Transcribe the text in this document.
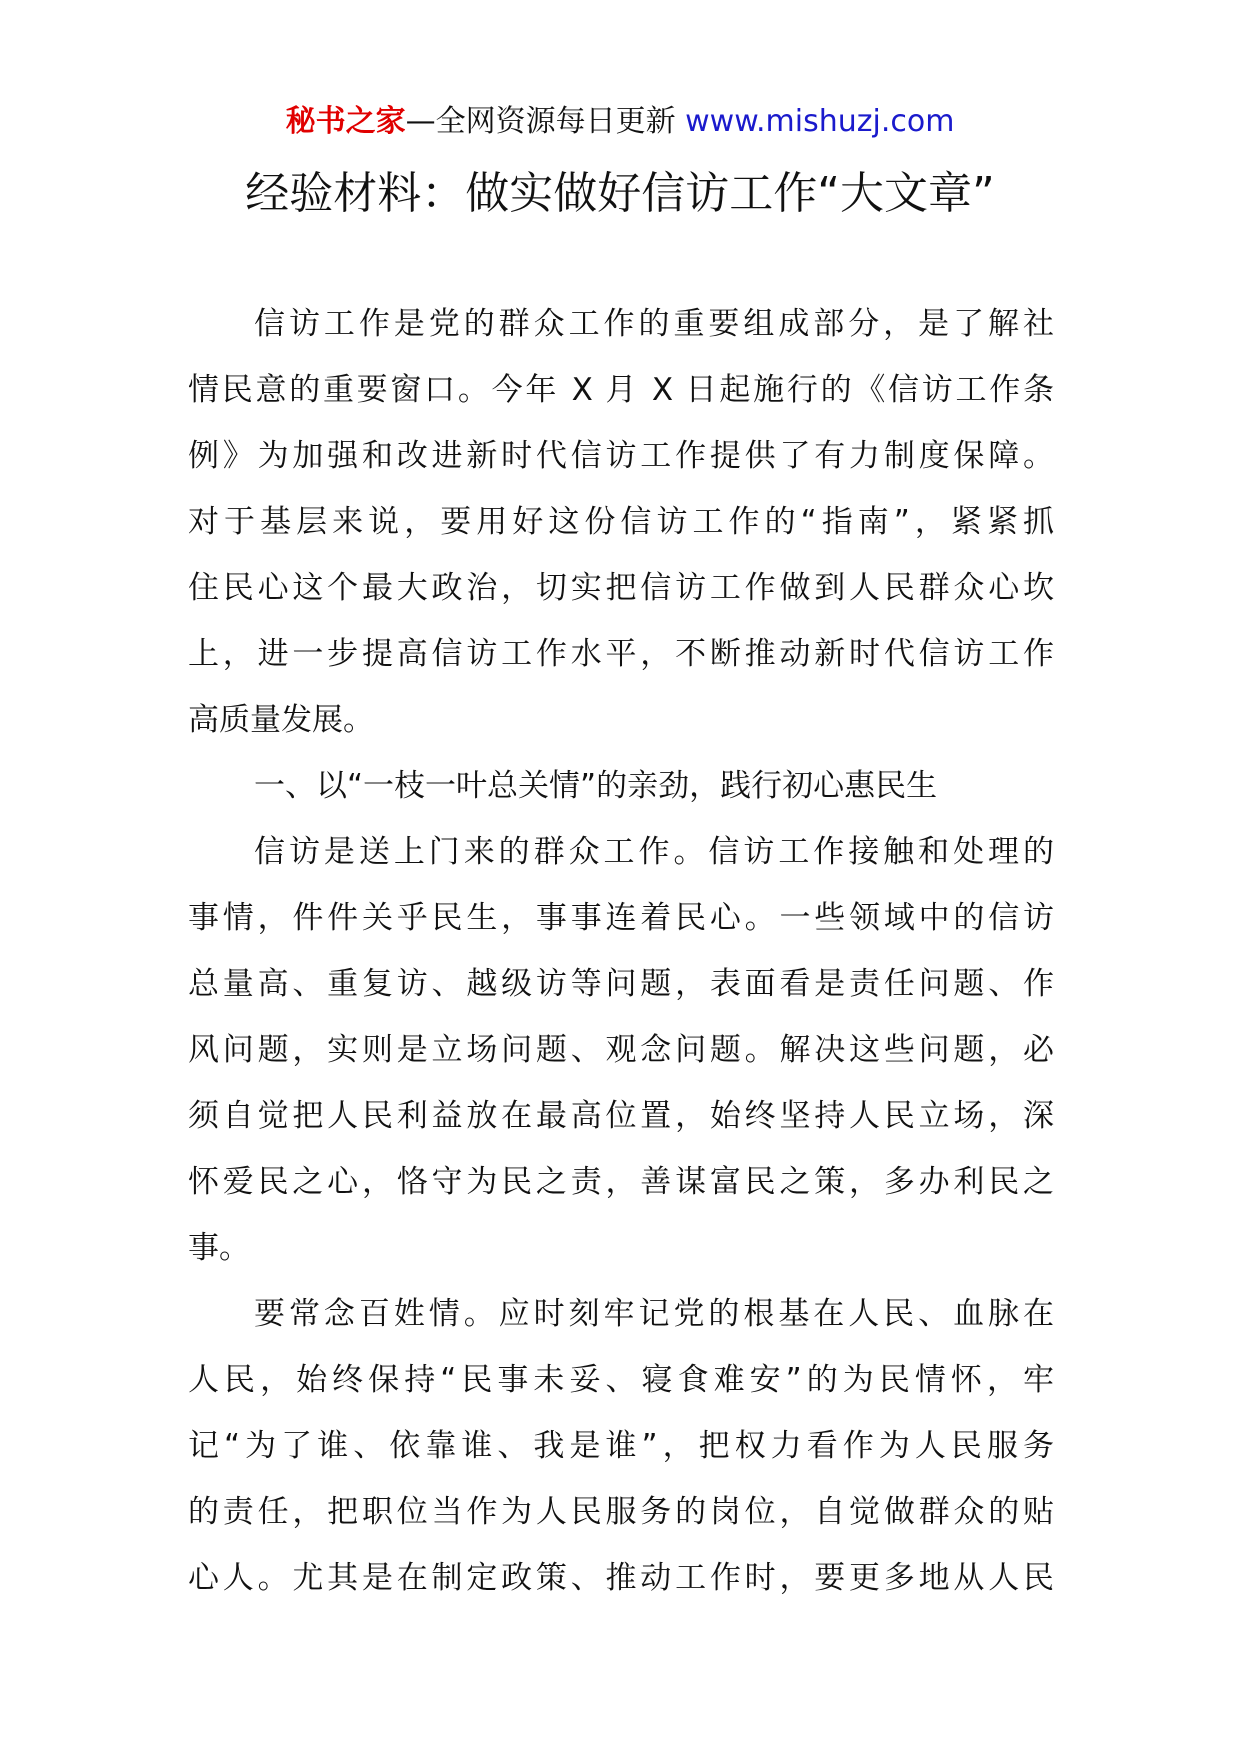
秘书之家—全网资源每日更新 www.mishuzj.com
经验材料：做实做好信访工作“大文章”
信访工作是党的群众工作的重要组成部分，是了解社
情民意的重要窗口。今年 X 月 X 日起施行的《信访工作条
例》为加强和改进新时代信访工作提供了有力制度保障。
对于基层来说，要用好这份信访工作的“指南”，紧紧抓
住民心这个最大政治，切实把信访工作做到人民群众心坎
上，进一步提高信访工作水平，不断推动新时代信访工作
高质量发展。
一、以“一枝一叶总关情”的亲劲，践行初心惠民生
信访是送上门来的群众工作。信访工作接触和处理的
事情，件件关乎民生，事事连着民心。一些领域中的信访
总量高、重复访、越级访等问题，表面看是责任问题、作
风问题，实则是立场问题、观念问题。解决这些问题，必
须自觉把人民利益放在最高位置，始终坚持人民立场，深
怀爱民之心，恪守为民之责，善谋富民之策，多办利民之
事。
要常念百姓情。应时刻牢记党的根基在人民、血脉在
人民，始终保持“民事未妥、寝食难安”的为民情怀，牢
记“为了谁、依靠谁、我是谁”，把权力看作为人民服务
的责任，把职位当作为人民服务的岗位，自觉做群众的贴
心人。尤其是在制定政策、推动工作时，要更多地从人民
